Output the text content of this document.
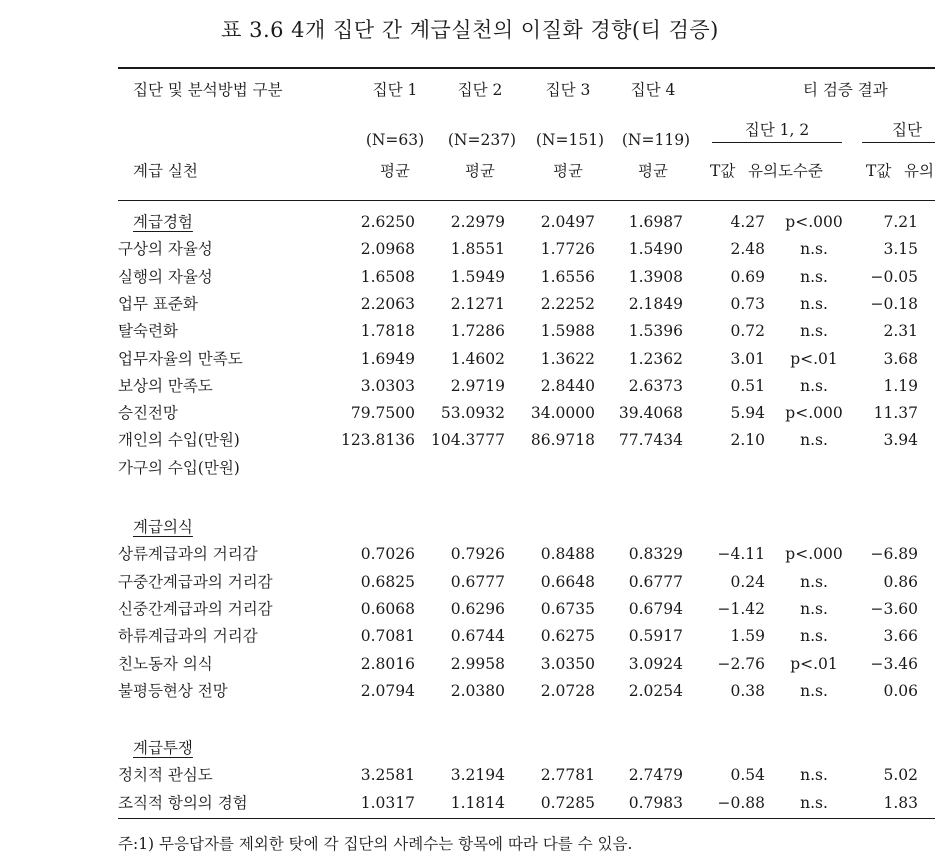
표 3.6 4개 집단 간 계급실천의 이질화 경향(티 검증)
집단 및 분석방법 구분	집단 1	집단 2	집단 3	집단 4	티 검증 결과
(N=63)	(N=237)	(N=151)	(N=119)
집단 1, 2	집단
계급 실천	평균	평균	평균	평균	T값 유의도수준	T값 유의
계급경험	2.6250	2.2979	2.0497	1.6987	4.27	p<.000	7.21
구상의 자율성	2.0968	1.8551	1.7726	1.5490	2.48	n.s.	3.15
실행의 자율성	1.6508	1.5949	1.6556	1.3908	0.69	n.s.	−0.05
업무 표준화	2.2063	2.1271	2.2252	2.1849	0.73	n.s.	−0.18
탈숙련화	1.7818	1.7286	1.5988	1.5396	0.72	n.s.	2.31
업무자율의 만족도	1.6949	1.4602	1.3622	1.2362	3.01	p<.01	3.68
보상의 만족도	3.0303	2.9719	2.8440	2.6373	0.51	n.s.	1.19
승진전망	79.7500	53.0932	34.0000	39.4068	5.94	p<.000	11.37
개인의 수입(만원)	123.8136	104.3777	86.9718	77.7434	2.10	n.s.	3.94
가구의 수입(만원)
계급의식
상류계급과의 거리감	0.7026	0.7926	0.8488	0.8329	−4.11	p<.000	−6.89
구중간계급과의 거리감	0.6825	0.6777	0.6648	0.6777	0.24	n.s.	0.86
신중간계급과의 거리감	0.6068	0.6296	0.6735	0.6794	−1.42	n.s.	−3.60
하류계급과의 거리감	0.7081	0.6744	0.6275	0.5917	1.59	n.s.	3.66
친노동자 의식	2.8016	2.9958	3.0350	3.0924	−2.76	p<.01	−3.46
불평등현상 전망	2.0794	2.0380	2.0728	2.0254	0.38	n.s.	0.06
계급투쟁
정치적 관심도	3.2581	3.2194	2.7781	2.7479	0.54	n.s.	5.02
조직적 항의의 경험	1.0317	1.1814	0.7285	0.7983	−0.88	n.s.	1.83
주:1) 무응답자를 제외한 탓에 각 집단의 사례수는 항목에 따라 다를 수 있음.
